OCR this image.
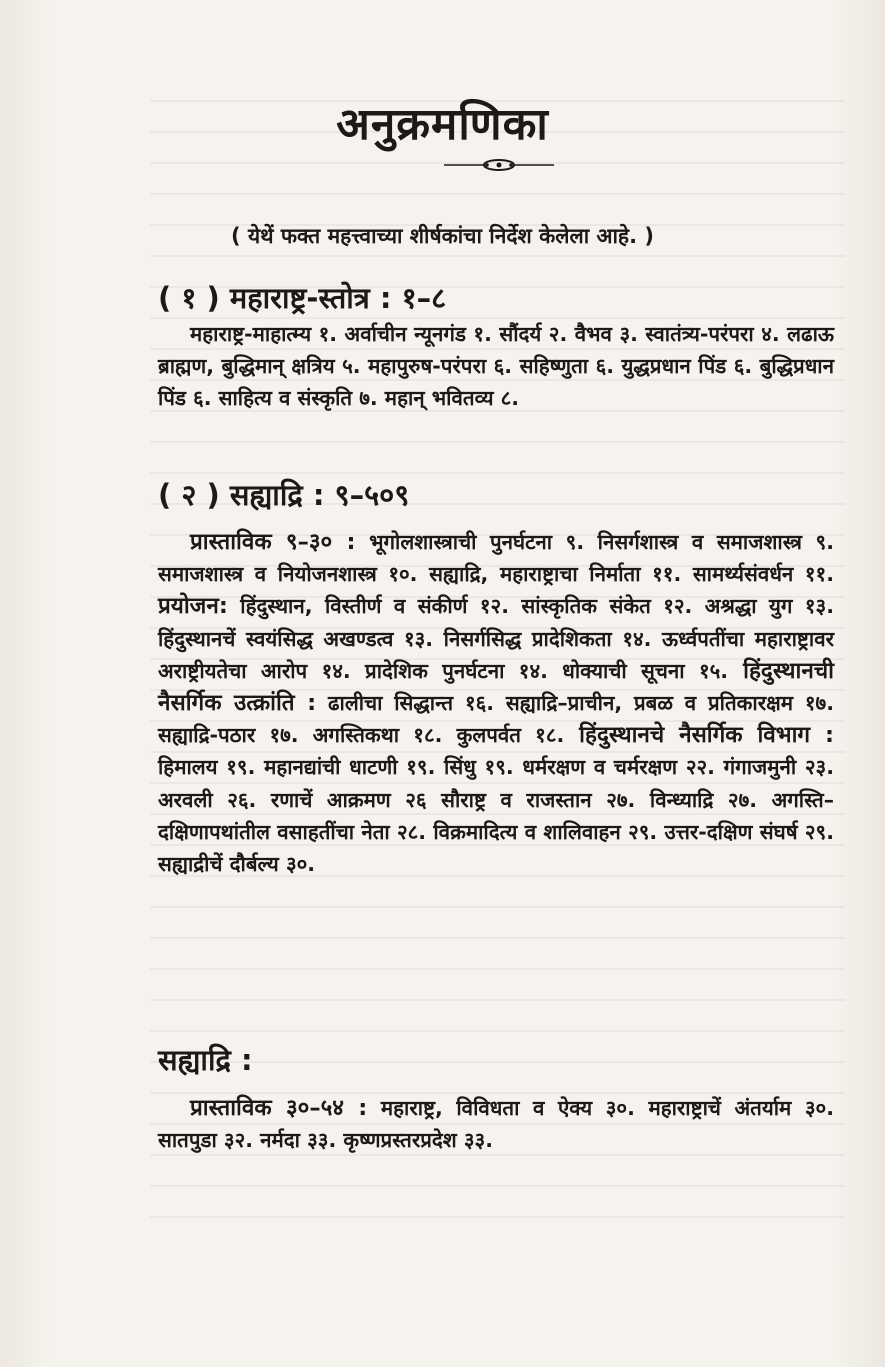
अनुक्रमणिका
( येथें फक्त महत्त्वाच्या शीर्षकांचा निर्देश केलेला आहे. )
( १ ) महाराष्ट्र-स्तोत्र : १–८
महाराष्ट्र-माहात्म्य १. अर्वाचीन न्यूनगंड १. सौंदर्य २. वैभव ३. स्वातंत्र्य-परंपरा ४. लढाऊ ब्राह्मण, बुद्धिमान् क्षत्रिय ५. महापुरुष-परंपरा ६. सहिष्णुता ६. युद्धप्रधान पिंड ६. बुद्धिप्रधान पिंड ६. साहित्य व संस्कृति ७. महान् भवितव्य ८.
( २ ) सह्याद्रि : ९–५०९
प्रास्ताविक ९–३० : भूगोलशास्त्राची पुनर्घटना ९. निसर्गशास्त्र व समाजशास्त्र ९. समाजशास्त्र व नियोजनशास्त्र १०. सह्याद्रि, महाराष्ट्राचा निर्माता ११. सामर्थ्यसंवर्धन ११. प्रयोजन: हिंदुस्थान, विस्तीर्ण व संकीर्ण १२. सांस्कृतिक संकेत १२. अश्रद्धा युग १३. हिंदुस्थानचें स्वयंसिद्ध अखण्डत्व १३. निसर्गसिद्ध प्रादेशिकता १४. ऊर्ध्वपतींचा महाराष्ट्रावर अराष्ट्रीयतेचा आरोप १४. प्रादेशिक पुनर्घटना १४. धोक्याची सूचना १५. हिंदुस्थानची नैसर्गिक उत्क्रांति : ढालीचा सिद्धान्त १६. सह्याद्रि–प्राचीन, प्रबळ व प्रतिकारक्षम १७. सह्याद्रि-पठार १७. अगस्तिकथा १८. कुलपर्वत १८. हिंदुस्थानचे नैसर्गिक विभाग : हिमालय १९. महानद्यांची धाटणी १९. सिंधु १९. धर्मरक्षण व चर्मरक्षण २२. गंगाजमुनी २३. अरवली २६. रणाचें आक्रमण २६ सौराष्ट्र व राजस्तान २७. विन्ध्याद्रि २७. अगस्ति–दक्षिणापथांतील वसाहतींचा नेता २८. विक्रमादित्य व शालिवाहन २९. उत्तर-दक्षिण संघर्ष २९. सह्याद्रीचें दौर्बल्य ३०.
सह्याद्रि :
प्रास्ताविक ३०–५४ : महाराष्ट्र, विविधता व ऐक्य ३०. महाराष्ट्राचें अंतर्याम ३०. सातपुडा ३२. नर्मदा ३३. कृष्णप्रस्तरप्रदेश ३३.
